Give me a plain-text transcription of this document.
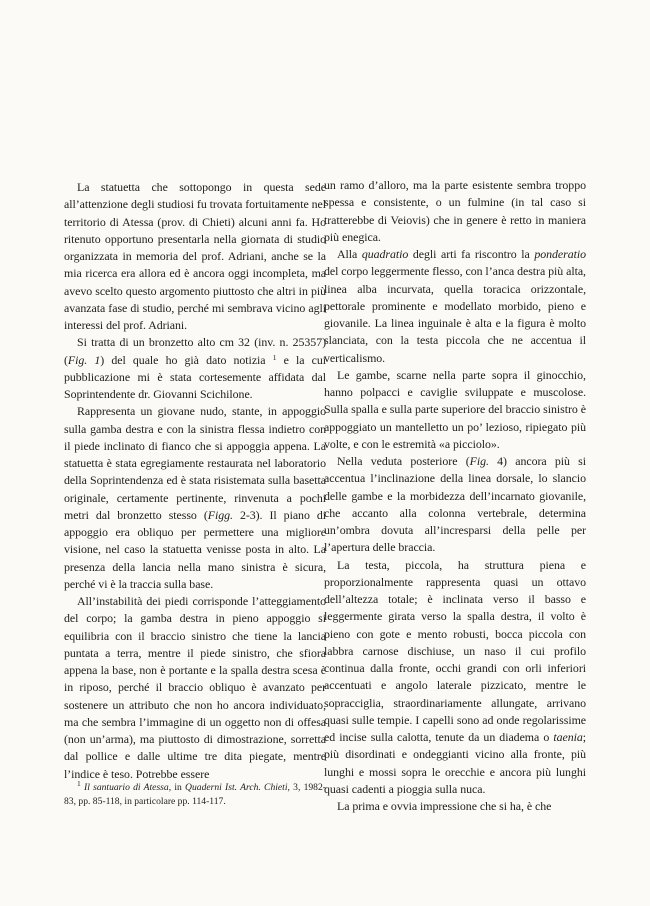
La statuetta che sottopongo in questa sede all’attenzione degli studiosi fu trovata fortuitamente nel territorio di Atessa (prov. di Chieti) alcuni anni fa. Ho ritenuto opportuno presentarla nella giornata di studio organizzata in memoria del prof. Adriani, anche se la mia ricerca era allora ed è ancora oggi incompleta, ma avevo scelto questo argomento piuttosto che altri in più avanzata fase di studio, perché mi sembrava vicino agli interessi del prof. Adriani.

Si tratta di un bronzetto alto cm 32 (inv. n. 25357) (Fig. 1) del quale ho già dato notizia $^1$ e la cui pubblicazione mi è stata cortesemente affidata dal Soprintendente dr. Giovanni Scichilone.

Rappresenta un giovane nudo, stante, in appoggio sulla gamba destra e con la sinistra flessa indietro con il piede inclinato di fianco che si appoggia appena. La statuetta è stata egregiamente restaurata nel laboratorio della Soprintendenza ed è stata risistemata sulla basetta originale, certamente pertinente, rinvenuta a pochi metri dal bronzetto stesso (Figg. 2-3). Il piano di appoggio era obliquo per permettere una migliore visione, nel caso la statuetta venisse posta in alto. La presenza della lancia nella mano sinistra è sicura, perché vi è la traccia sulla base.

All’instabilità dei piedi corrisponde l’atteggiamento del corpo; la gamba destra in pieno appoggio si equilibria con il braccio sinistro che tiene la lancia puntata a terra, mentre il piede sinistro, che sfiora appena la base, non è portante e la spalla destra scesa è in riposo, perché il braccio obliquo è avanzato per sostenere un attributo che non ho ancora individuato, ma che sembra l’immagine di un oggetto non di offesa (non un’arma), ma piuttosto di dimostrazione, sorretta dal pollice e dalle ultime tre dita piegate, mentre l’indice è teso. Potrebbe essere

un ramo d’alloro, ma la parte esistente sembra troppo spessa e consistente, o un fulmine (in tal caso si tratterebbe di Veiovis) che in genere è retto in maniera più enegica.

Alla quadratio degli arti fa riscontro la ponderatio del corpo leggermente flesso, con l’anca destra più alta, linea alba incurvata, quella toracica orizzontale, pettorale prominente e modellato morbido, pieno e giovanile. La linea inguinale è alta e la figura è molto slanciata, con la testa piccola che ne accentua il verticalismo.

Le gambe, scarne nella parte sopra il ginocchio, hanno polpacci e caviglie sviluppate e muscolose. Sulla spalla e sulla parte superiore del braccio sinistro è appoggiato un mantelletto un po’ lezioso, ripiegato più volte, e con le estremità «a picciolo».

Nella veduta posteriore (Fig. 4) ancora più si accentua l’inclinazione della linea dorsale, lo slancio delle gambe e la morbidezza dell’incarnato giovanile, che accanto alla colonna vertebrale, determina un’ombra dovuta all’incresparsi della pelle per l’apertura delle braccia.

La testa, piccola, ha struttura piena e proporzionalmente rappresenta quasi un ottavo dell’altezza totale; è inclinata verso il basso e leggermente girata verso la spalla destra, il volto è pieno con gote e mento robusti, bocca piccola con labbra carnose dischiuse, un naso il cui profilo continua dalla fronte, occhi grandi con orli inferiori accentuati e angolo laterale pizzicato, mentre le sopracciglia, straordinariamente allungate, arrivano quasi sulle tempie. I capelli sono ad onde regolarissime ed incise sulla calotta, tenute da un diadema o taenia; più disordinati e ondeggianti vicino alla fronte, più lunghi e mossi sopra le orecchie e ancora più lunghi quasi cadenti a pioggia sulla nuca.

La prima e ovvia impressione che si ha, è che

$^1$ Il santuario di Atessa, in Quaderni Ist. Arch. Chieti, 3, 1982-83, pp. 85-118, in particolare pp. 114-117.
